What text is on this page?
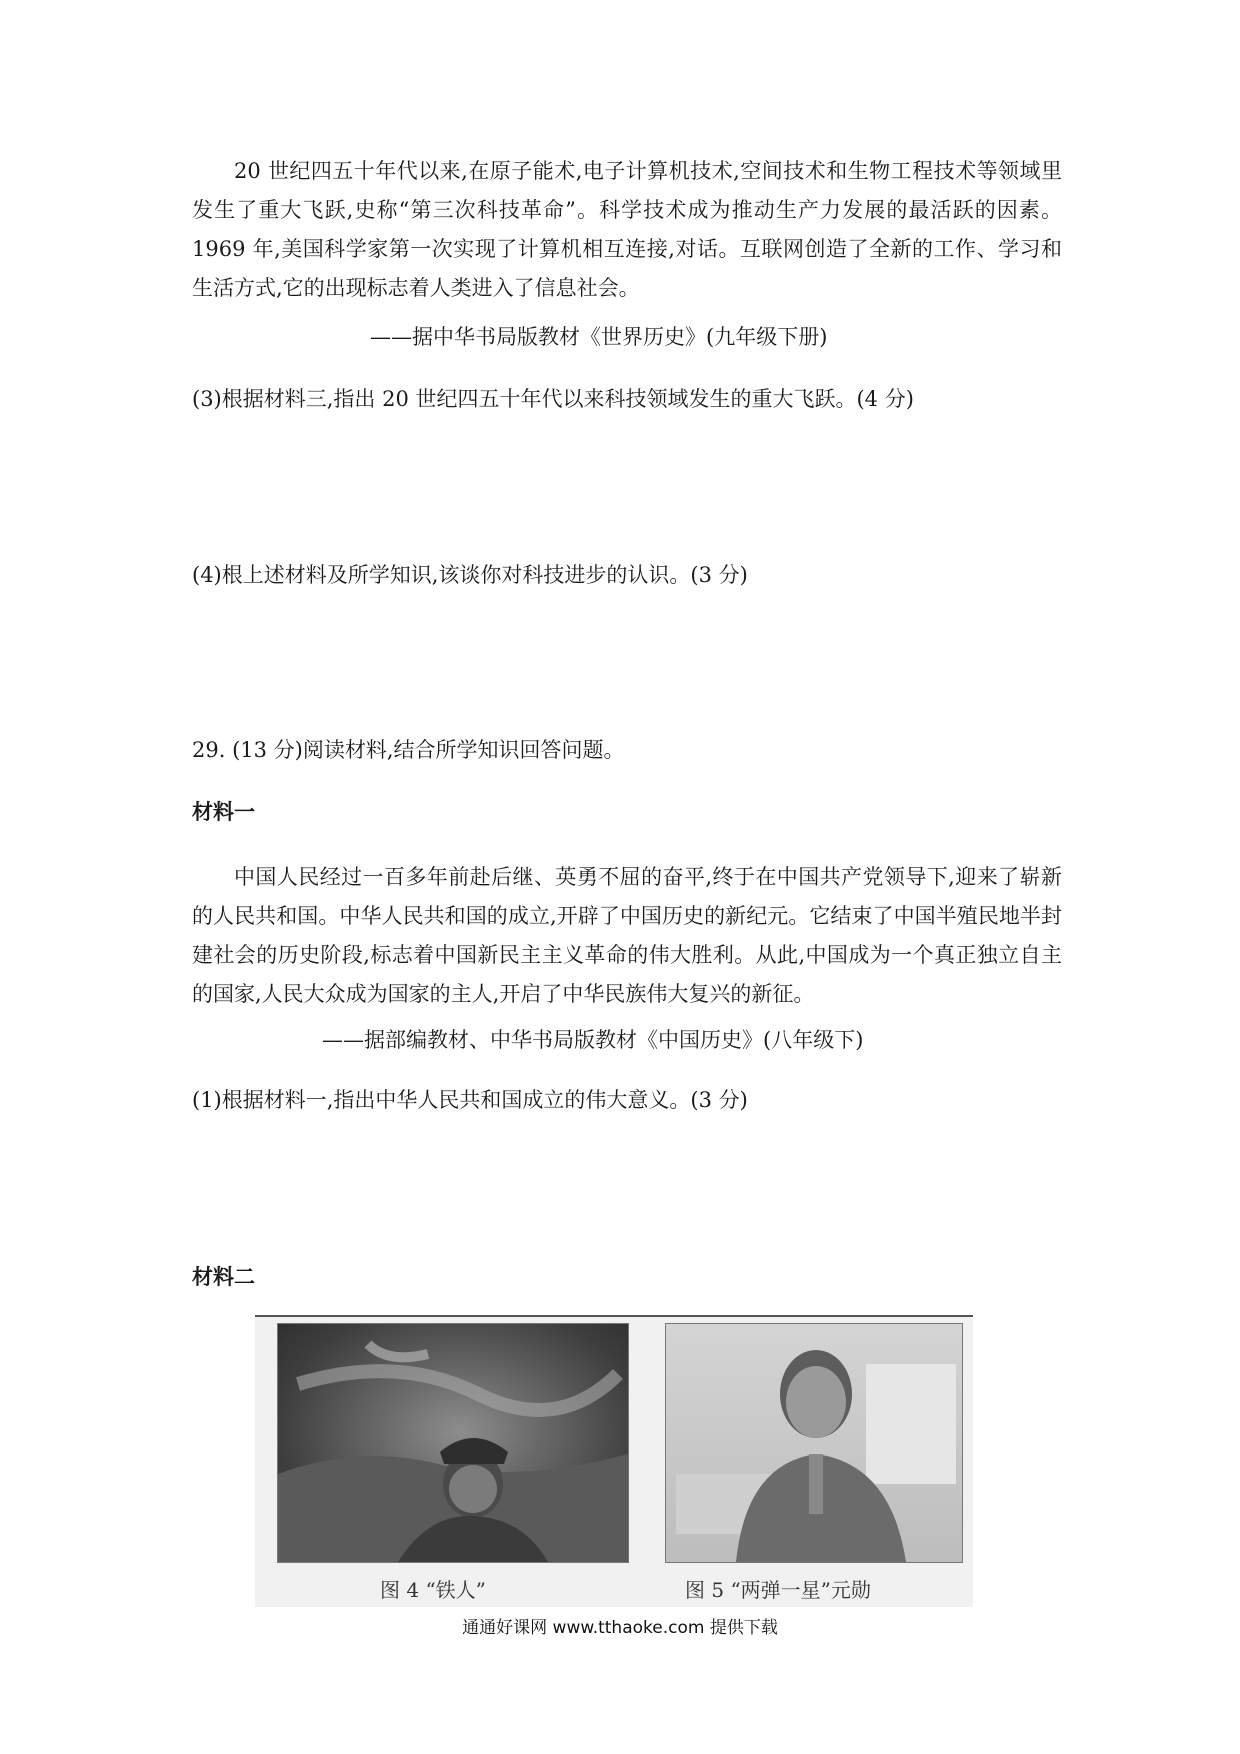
20 世纪四五十年代以来,在原子能术,电子计算机技术,空间技术和生物工程技术等领域里发生了重大飞跃,史称“第三次科技革命”。科学技术成为推动生产力发展的最活跃的因素。1969 年,美国科学家第一次实现了计算机相互连接,对话。互联网创造了全新的工作、学习和生活方式,它的出现标志着人类进入了信息社会。

——据中华书局版教材《世界历史》(九年级下册)

(3)根据材料三,指出 20 世纪四五十年代以来科技领域发生的重大飞跃。(4 分)

(4)根上述材料及所学知识,该谈你对科技进步的认识。(3 分)

29. (13 分)阅读材料,结合所学知识回答问题。

材料一

中国人民经过一百多年前赴后继、英勇不屈的奋平,终于在中国共产党领导下,迎来了崭新的人民共和国。中华人民共和国的成立,开辟了中国历史的新纪元。它结束了中国半殖民地半封建社会的历史阶段,标志着中国新民主主义革命的伟大胜利。从此,中国成为一个真正独立自主的国家,人民大众成为国家的主人,开启了中华民族伟大复兴的新征。

——据部编教材、中华书局版教材《中国历史》(八年级下)

(1)根据材料一,指出中华人民共和国成立的伟大意义。(3 分)

材料二

图 4 “铁人”	图 5 “两弹一星”元勋
通通好课网 www.tthaoke.com 提供下载
